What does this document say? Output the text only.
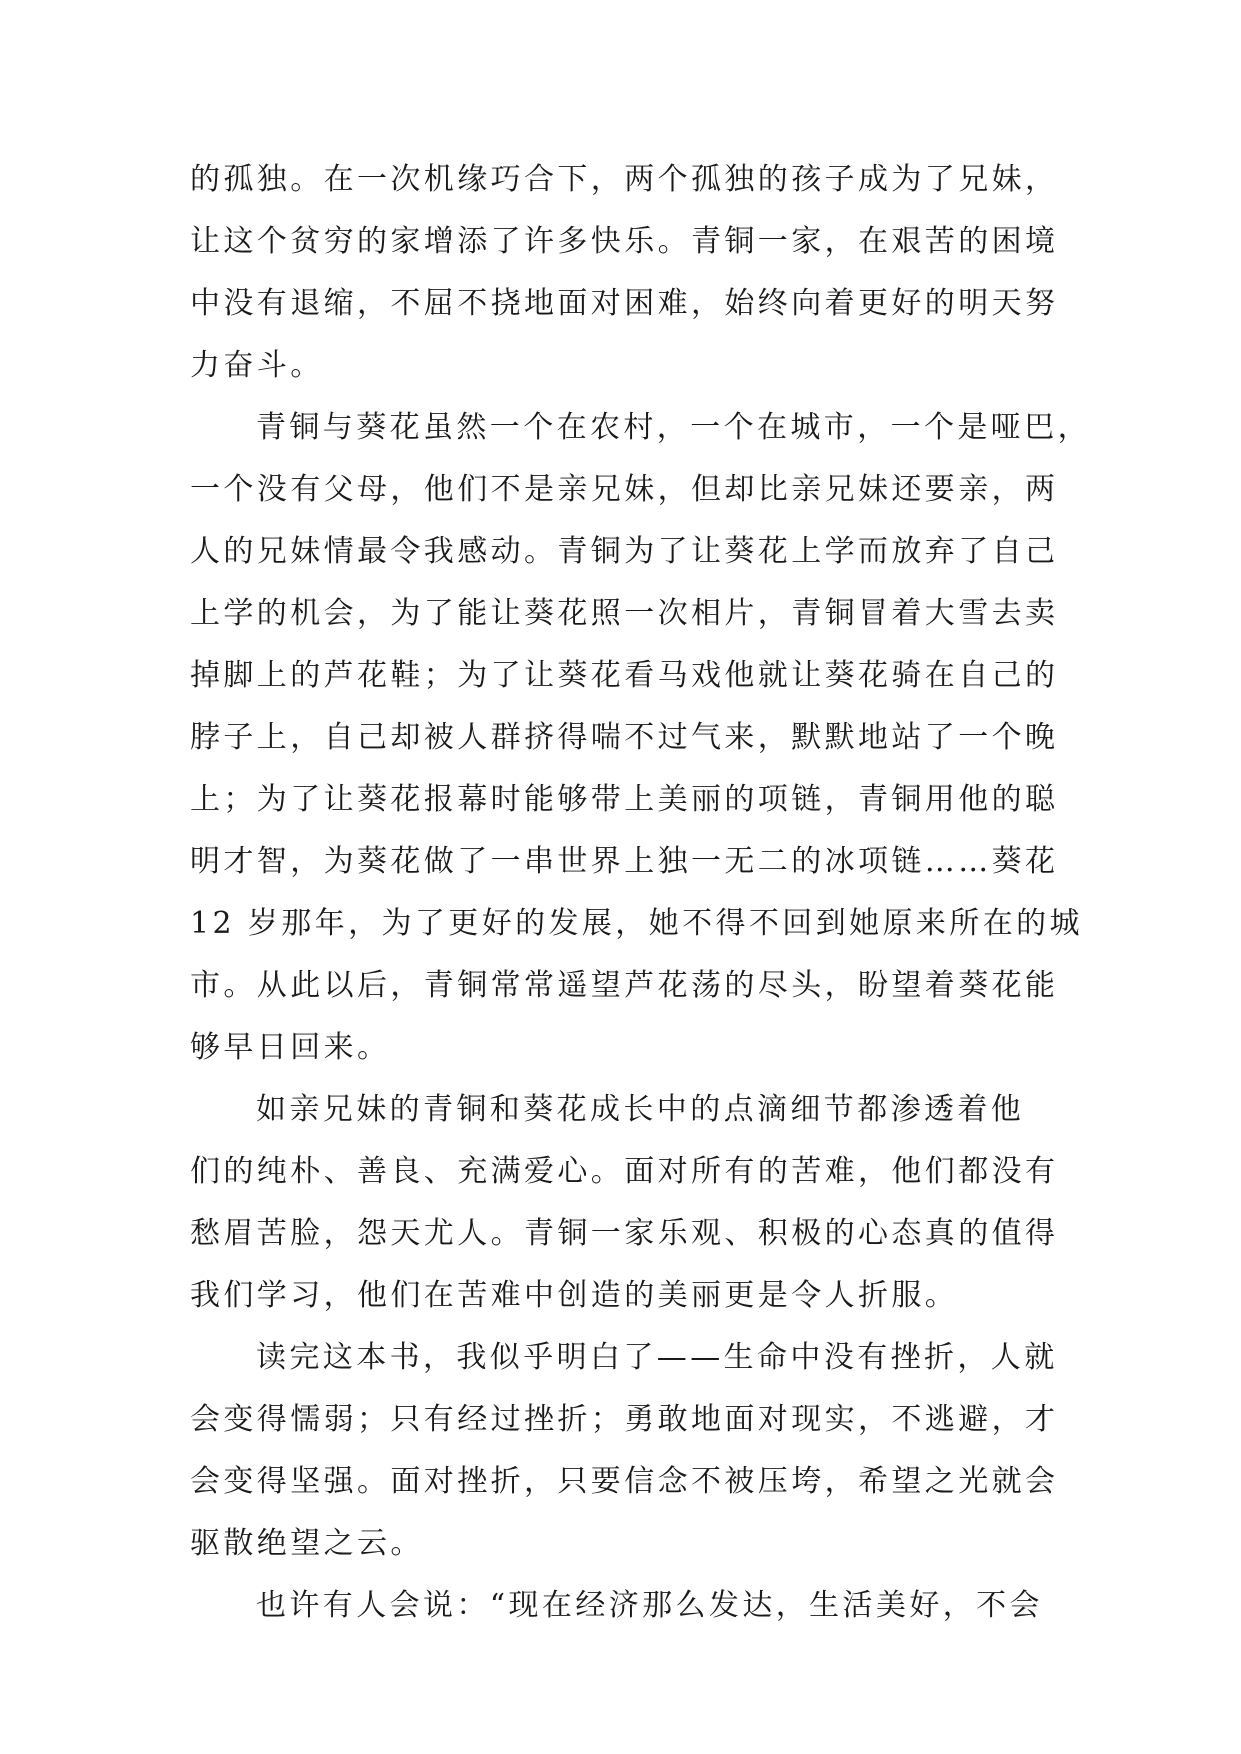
的孤独。在一次机缘巧合下，两个孤独的孩子成为了兄妹，
让这个贫穷的家增添了许多快乐。青铜一家，在艰苦的困境
中没有退缩，不屈不挠地面对困难，始终向着更好的明天努
力奋斗。
青铜与葵花虽然一个在农村，一个在城市，一个是哑巴，
一个没有父母，他们不是亲兄妹，但却比亲兄妹还要亲，两
人的兄妹情最令我感动。青铜为了让葵花上学而放弃了自己
上学的机会，为了能让葵花照一次相片，青铜冒着大雪去卖
掉脚上的芦花鞋；为了让葵花看马戏他就让葵花骑在自己的
脖子上，自己却被人群挤得喘不过气来，默默地站了一个晚
上；为了让葵花报幕时能够带上美丽的项链，青铜用他的聪
明才智，为葵花做了一串世界上独一无二的冰项链……葵花
12 岁那年，为了更好的发展，她不得不回到她原来所在的城
市。从此以后，青铜常常遥望芦花荡的尽头，盼望着葵花能
够早日回来。
如亲兄妹的青铜和葵花成长中的点滴细节都渗透着他
们的纯朴、善良、充满爱心。面对所有的苦难，他们都没有
愁眉苦脸，怨天尤人。青铜一家乐观、积极的心态真的值得
我们学习，他们在苦难中创造的美丽更是令人折服。
读完这本书，我似乎明白了——生命中没有挫折，人就
会变得懦弱；只有经过挫折；勇敢地面对现实，不逃避，才
会变得坚强。面对挫折，只要信念不被压垮，希望之光就会
驱散绝望之云。
也许有人会说：“现在经济那么发达，生活美好，不会
